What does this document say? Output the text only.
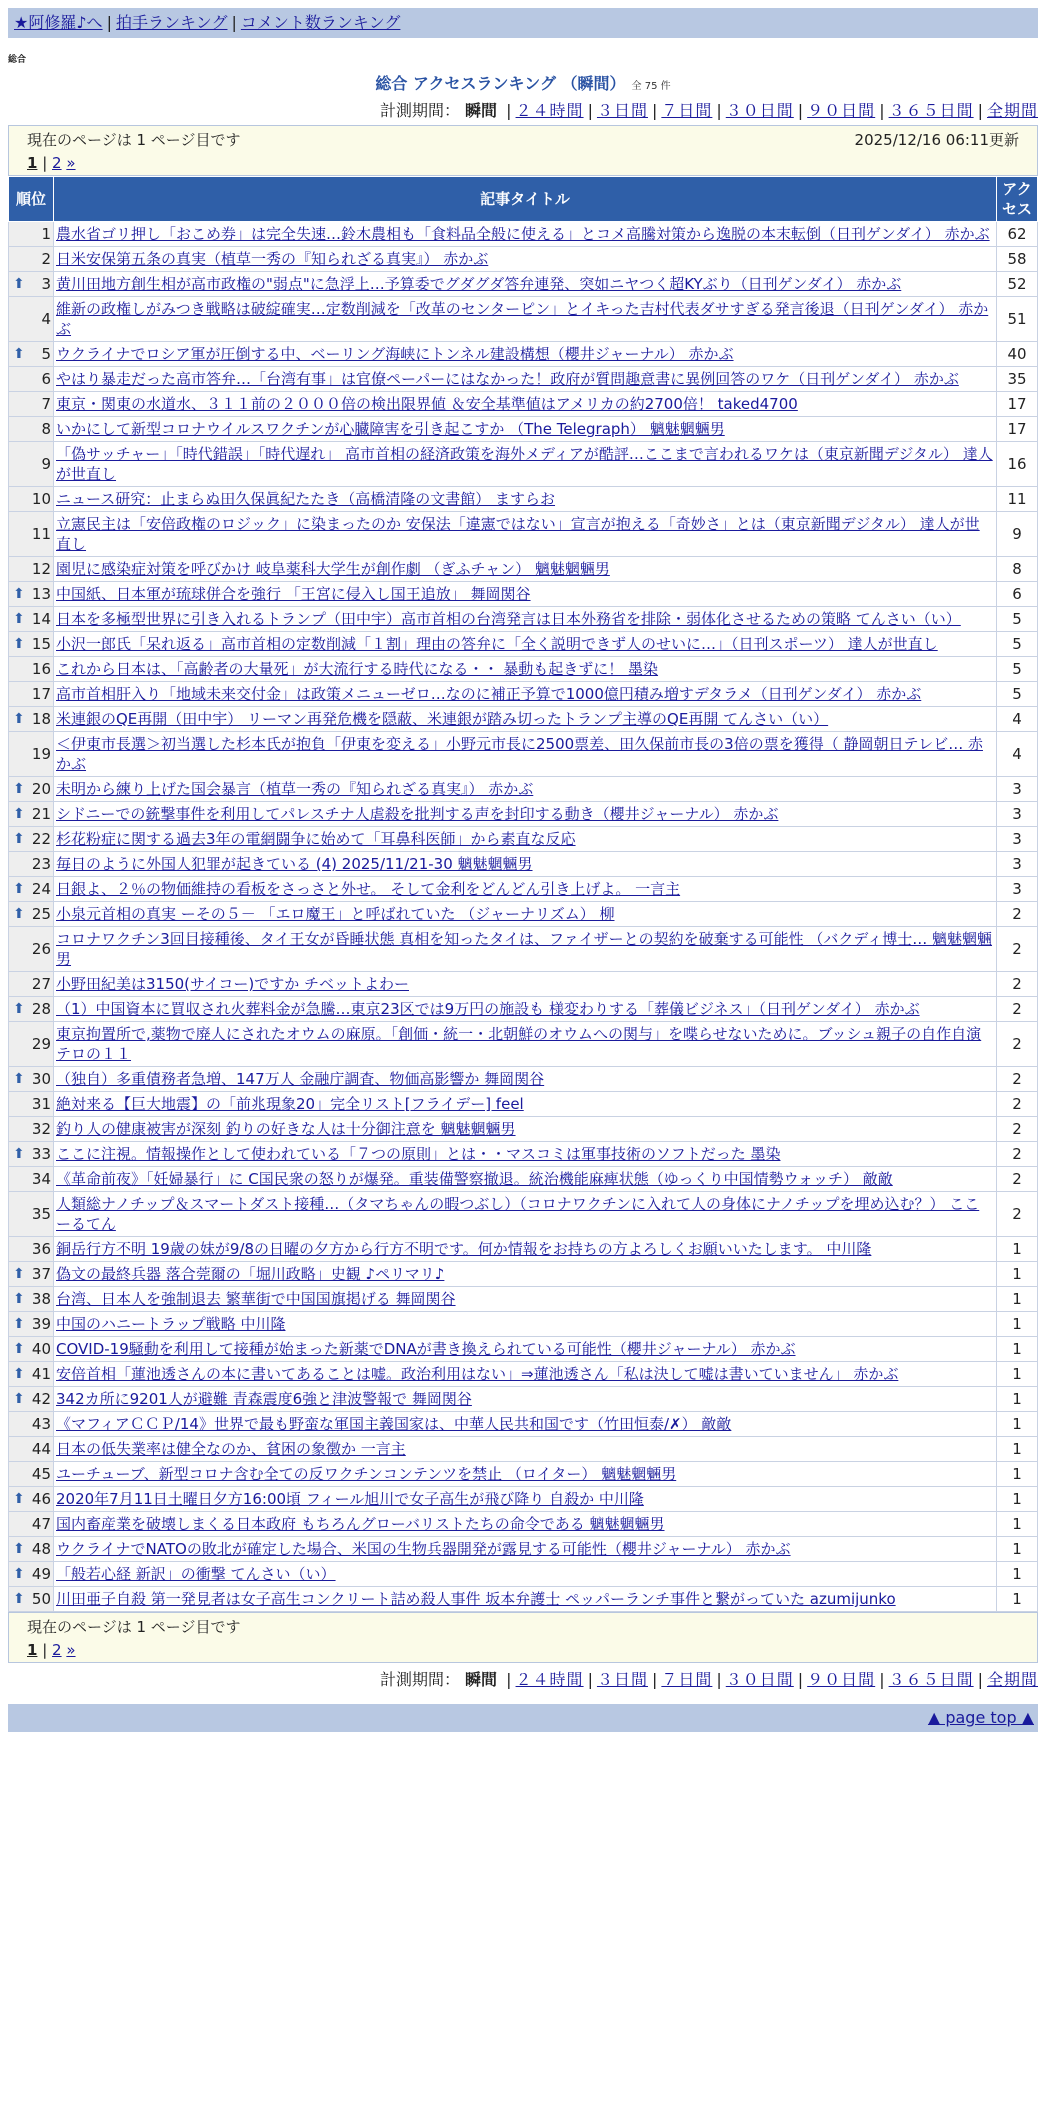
★阿修羅♪へ | 拍手ランキング | コメント数ランキング
総合
総合 アクセスランキング （瞬間） 全 75 件
計測期間： 瞬間 | ２４時間 | ３日間 | ７日間 | ３０日間 | ９０日間 | ３６５日間 | 全期間
現在のページは 1 ページ目です	2025/12/16 06:11更新
1 | 2 »
順位	記事タイトル	アクセス
1	農水省ゴリ押し「おこめ券」は完全失速…鈴木農相も「食料品全般に使える」とコメ高騰対策から逸脱の本末転倒（日刊ゲンダイ） 赤かぶ	62
2	日米安保第五条の真実（植草一秀の『知られざる真実』） 赤かぶ	58

⬆ 3	黄川田地方創生相が高市政権の"弱点"に急浮上…予算委でグダグダ答弁連発、突如ニヤつく超KYぶり（日刊ゲンダイ） 赤かぶ	52
4	維新の政権しがみつき戦略は破綻確実…定数削減を「改革のセンターピン」とイキった吉村代表ダサすぎる発言後退（日刊ゲンダイ） 赤かぶ	51

⬆ 5	ウクライナでロシア軍が圧倒する中、ベーリング海峡にトンネル建設構想（櫻井ジャーナル） 赤かぶ	40
6	やはり暴走だった高市答弁…「台湾有事」は官僚ペーパーにはなかった！政府が質問趣意書に異例回答のワケ（日刊ゲンダイ） 赤かぶ	35
7	東京・関東の水道水、３１１前の２０００倍の検出限界値 ＆安全基準値はアメリカの約2700倍！ taked4700	17
8	いかにして新型コロナウイルスワクチンが心臓障害を引き起こすか （The Telegraph） 魑魅魍魎男	17
9	「偽サッチャー」「時代錯誤」「時代遅れ」 高市首相の経済政策を海外メディアが酷評…ここまで言われるワケは（東京新聞デジタル） 達人が世直し	16
10	ニュース研究：止まらぬ田久保眞紀たたき（高橋清隆の文書館） ますらお	11
11	立憲民主は「安倍政権のロジック」に染まったのか 安保法「違憲ではない」宣言が抱える「奇妙さ」とは（東京新聞デジタル） 達人が世直し	9
12	園児に感染症対策を呼びかけ 岐阜薬科大学生が創作劇 （ぎふチャン） 魑魅魍魎男	8

⬆ 13	中国紙、日本軍が琉球併合を強行 「王宮に侵入し国王追放」 舞岡関谷	6

⬆ 14	日本を多極型世界に引き入れるトランプ（田中宇）高市首相の台湾発言は日本外務省を排除・弱体化させるための策略 てんさい（い）	5

⬆ 15	小沢一郎氏「呆れ返る」高市首相の定数削減「１割」理由の答弁に「全く説明できず人のせいに…」（日刊スポーツ） 達人が世直し	5
16	これから日本は、「高齢者の大量死」が大流行する時代になる・・ 暴動も起きずに！ 墨染	5
17	高市首相肝入り「地域未来交付金」は政策メニューゼロ…なのに補正予算で1000億円積み増すデタラメ（日刊ゲンダイ） 赤かぶ	5

⬆ 18	米連銀のQE再開（田中宇） リーマン再発危機を隠蔽、米連銀が踏み切ったトランプ主導のQE再開 てんさい（い）	4
19	＜伊東市長選＞初当選した杉本氏が抱負「伊東を変える」小野元市長に2500票差、田久保前市長の3倍の票を獲得（ 静岡朝日テレビ… 赤かぶ	4

⬆ 20	未明から練り上げた国会暴言（植草一秀の『知られざる真実』） 赤かぶ	3

⬆ 21	シドニーでの銃撃事件を利用してパレスチナ人虐殺を批判する声を封印する動き（櫻井ジャーナル） 赤かぶ	3

⬆ 22	杉花粉症に関する過去3年の電網闘争に始めて「耳鼻科医師」から素直な反応	3
23	毎日のように外国人犯罪が起きている (4) 2025/11/21-30 魑魅魍魎男	3

⬆ 24	日銀よ、２％の物価維持の看板をさっさと外せ。 そして金利をどんどん引き上げよ。 一言主	3

⬆ 25	小泉元首相の真実 ーその５－ 「エロ魔王」と呼ばれていた （ジャーナリズム） 柳	2
26	コロナワクチン3回目接種後、タイ王女が昏睡状態 真相を知ったタイは、ファイザーとの契約を破棄する可能性 （バクディ博士… 魑魅魍魎男	2
27	小野田紀美は3150(サイコー)ですか チベットよわー	2

⬆ 28	（1）中国資本に買収され火葬料金が急騰…東京23区では9万円の施設も 様変わりする「葬儀ビジネス」（日刊ゲンダイ） 赤かぶ	2
29	東京拘置所で,薬物で廃人にされたオウムの麻原。「創価・統一・北朝鮮のオウムへの関与」を喋らせないために。ブッシュ親子の自作自演テロの１１	2

⬆ 30	（独自）多重債務者急増、147万人 金融庁調査、物価高影響か 舞岡関谷	2
31	絶対来る【巨大地震】の「前兆現象20」完全リスト[フライデー] feel	2
32	釣り人の健康被害が深刻 釣りの好きな人は十分御注意を 魑魅魍魎男	2

⬆ 33	ここに注視。情報操作として使われている「７つの原則」とは・・マスコミは軍事技術のソフトだった 墨染	2
34	《革命前夜》「妊婦暴行」に C国民衆の怒りが爆発。重装備警察撤退。統治機能麻痺状態（ゆっくり中国情勢ウォッチ） 敵敵	2
35	人類総ナノチップ＆スマートダスト接種…（タマちゃんの暇つぶし）（コロナワクチンに入れて人の身体にナノチップを埋め込む？） ここーるてん	2
36	銅岳行方不明 19歳の妹が9/8の日曜の夕方から行方不明です。何か情報をお持ちの方よろしくお願いいたします。 中川隆	1

⬆ 37	偽文の最終兵器 落合莞爾の「堀川政略」史観 ♪ペリマリ♪	1

⬆ 38	台湾、日本人を強制退去 繁華街で中国国旗掲げる 舞岡関谷	1

⬆ 39	中国のハニートラップ戦略 中川隆	1

⬆ 40	COVID-19騒動を利用して接種が始まった新薬でDNAが書き換えられている可能性（櫻井ジャーナル） 赤かぶ	1

⬆ 41	安倍首相「蓮池透さんの本に書いてあることは嘘。政治利用はない」⇒蓮池透さん「私は決して嘘は書いていません」 赤かぶ	1

⬆ 42	342カ所に9201人が避難 青森震度6強と津波警報で 舞岡関谷	1
43	《マフィアＣＣＰ/14》世界で最も野蛮な軍国主義国家は、中華人民共和国です（竹田恒泰/✗） 敵敵	1
44	日本の低失業率は健全なのか、貧困の象徴か 一言主	1
45	ユーチューブ、新型コロナ含む全ての反ワクチンコンテンツを禁止 （ロイター） 魑魅魍魎男	1

⬆ 46	2020年7月11日土曜日夕方16:00頃 フィール旭川で女子高生が飛び降り 自殺か 中川隆	1
47	国内畜産業を破壊しまくる日本政府 もちろんグローバリストたちの命令である 魑魅魍魎男	1

⬆ 48	ウクライナでNATOの敗北が確定した場合、米国の生物兵器開発が露見する可能性（櫻井ジャーナル） 赤かぶ	1

⬆ 49	「般若心経 新訳」の衝撃 てんさい（い）	1

⬆ 50	川田亜子自殺 第一発見者は女子高生コンクリート詰め殺人事件 坂本弁護士 ペッパーランチ事件と繋がっていた azumijunko	1
現在のページは 1 ページ目です
1 | 2 »
計測期間： 瞬間 | ２４時間 | ３日間 | ７日間 | ３０日間 | ９０日間 | ３６５日間 | 全期間
▲ page top ▲
